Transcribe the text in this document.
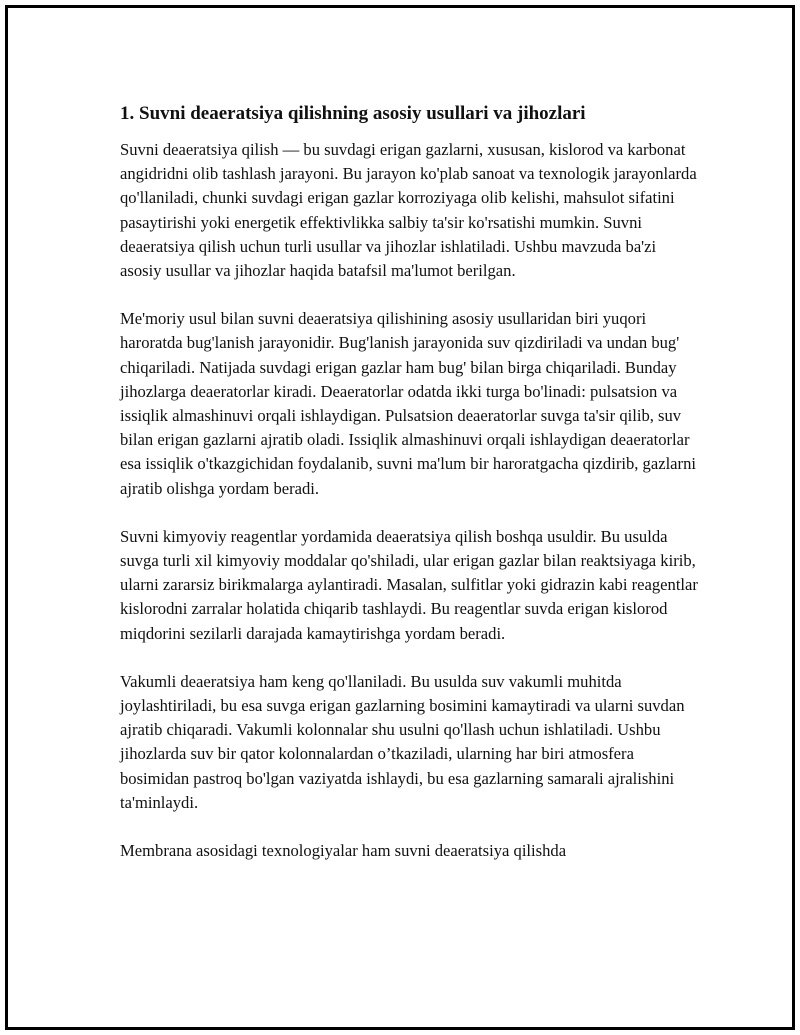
1. Suvni deaeratsiya qilishning asosiy usullari va jihozlari

Suvni deaeratsiya qilish — bu suvdagi erigan gazlarni, xususan, kislorod va karbonat angidridni olib tashlash jarayoni. Bu jarayon ko'plab sanoat va texnologik jarayonlarda qo'llaniladi, chunki suvdagi erigan gazlar korroziyaga olib kelishi, mahsulot sifatini pasaytirishi yoki energetik effektivlikka salbiy ta'sir ko'rsatishi mumkin. Suvni deaeratsiya qilish uchun turli usullar va jihozlar ishlatiladi. Ushbu mavzuda ba'zi asosiy usullar va jihozlar haqida batafsil ma'lumot berilgan.

Me'moriy usul bilan suvni deaeratsiya qilishining asosiy usullaridan biri yuqori haroratda bug'lanish jarayonidir. Bug'lanish jarayonida suv qizdiriladi va undan bug' chiqariladi. Natijada suvdagi erigan gazlar ham bug' bilan birga chiqariladi. Bunday jihozlarga deaeratorlar kiradi. Deaeratorlar odatda ikki turga bo'linadi: pulsatsion va issiqlik almashinuvi orqali ishlaydigan. Pulsatsion deaeratorlar suvga ta'sir qilib, suv bilan erigan gazlarni ajratib oladi. Issiqlik almashinuvi orqali ishlaydigan deaeratorlar esa issiqlik o'tkazgichidan foydalanib, suvni ma'lum bir haroratgacha qizdirib, gazlarni ajratib olishga yordam beradi.

Suvni kimyoviy reagentlar yordamida deaeratsiya qilish boshqa usuldir. Bu usulda suvga turli xil kimyoviy moddalar qo'shiladi, ular erigan gazlar bilan reaktsiyaga kirib, ularni zararsiz birikmalarga aylantiradi. Masalan, sulfitlar yoki gidrazin kabi reagentlar kislorodni zarralar holatida chiqarib tashlaydi. Bu reagentlar suvda erigan kislorod miqdorini sezilarli darajada kamaytirishga yordam beradi.

Vakumli deaeratsiya ham keng qo'llaniladi. Bu usulda suv vakumli muhitda joylashtiriladi, bu esa suvga erigan gazlarning bosimini kamaytiradi va ularni suvdan ajratib chiqaradi. Vakumli kolonnalar shu usulni qo'llash uchun ishlatiladi. Ushbu jihozlarda suv bir qator kolonnalardan o’tkaziladi, ularning har biri atmosfera bosimidan pastroq bo'lgan vaziyatda ishlaydi, bu esa gazlarning samarali ajralishini ta'minlaydi.

Membrana asosidagi texnologiyalar ham suvni deaeratsiya qilishda
